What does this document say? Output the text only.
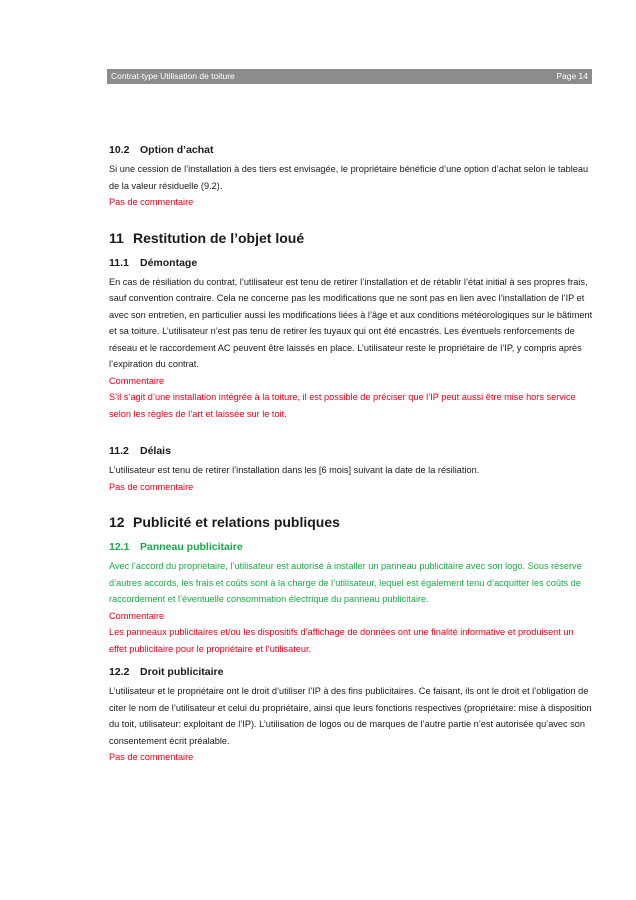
Contrat-type Utilisation de toiture	Page 14
10.2 Option d’achat

Si une cession de l’installation à des tiers est envisagée, le propriétaire bénéficie d’une option d’achat selon le tableau de la valeur résiduelle (9.2).

Pas de commentaire

11 Restitution de l’objet loué
11.1 Démontage

En cas de résiliation du contrat, l’utilisateur est tenu de retirer l’installation et de rétablir l’état initial à ses propres frais, sauf convention contraire. Cela ne concerne pas les modifications que ne sont pas en lien avec l’installation de l’IP et avec son entretien, en particulier aussi les modifications liées à l’âge et aux conditions météorologiques sur le bâtiment et sa toiture. L’utilisateur n’est pas tenu de retirer les tuyaux qui ont été encastrés. Les éventuels renforcements de réseau et le raccordement AC peuvent être laissés en place. L’utilisateur reste le propriétaire de l’IP, y compris après l’expiration du contrat.

Commentaire

S’il s’agit d’une installation intégrée à la toiture, il est possible de préciser que l’IP peut aussi être mise hors service selon les règles de l’art et laissée sur le toit.

11.2 Délais

L’utilisateur est tenu de retirer l’installation dans les [6 mois] suivant la date de la résiliation.

Pas de commentaire

12 Publicité et relations publiques
12.1 Panneau publicitaire

Avec l’accord du propriétaire, l’utilisateur est autorisé à installer un panneau publicitaire avec son logo. Sous réserve d’autres accords, les frais et coûts sont à la charge de l’utilisateur, lequel est également tenu d’acquitter les coûts de raccordement et l’éventuelle consommation électrique du panneau publicitaire.

Commentaire

Les panneaux publicitaires et/ou les dispositifs d’affichage de données ont une finalité informative et produisent un effet publicitaire pour le propriétaire et l’utilisateur.

12.2 Droit publicitaire

L’utilisateur et le propriétaire ont le droit d’utiliser l’IP à des fins publicitaires. Ce faisant, ils ont le droit et l’obligation de citer le nom de l’utilisateur et celui du propriétaire, ainsi que leurs fonctions respectives (propriétaire: mise à disposition du toit, utilisateur: exploitant de l’IP). L’utilisation de logos ou de marques de l’autre partie n’est autorisée qu’avec son consentement écrit préalable.

Pas de commentaire
